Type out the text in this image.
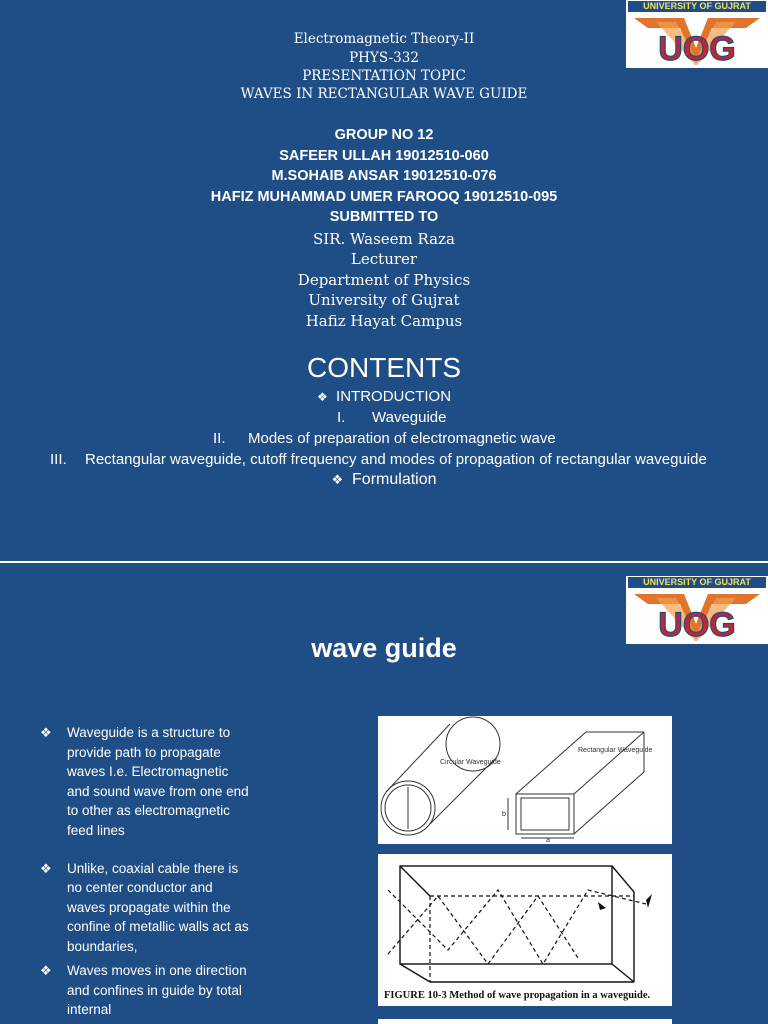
UNIVERSITY OF GUJRAT
UOG
Electromagnetic Theory-II
PHYS-332
PRESENTATION TOPIC
WAVES IN RECTANGULAR WAVE GUIDE
GROUP NO 12
SAFEER ULLAH 19012510-060
M.SOHAIB ANSAR 19012510-076
HAFIZ MUHAMMAD UMER FAROOQ 19012510-095
SUBMITTED TO
SIR. Waseem Raza
Lecturer
Department of Physics
University of Gujrat
Hafiz Hayat Campus
CONTENTS
❖ INTRODUCTION
I. Waveguide
II. Modes of preparation of electromagnetic wave
III. Rectangular waveguide, cutoff frequency and modes of propagation of rectangular waveguide
❖ Formulation
UNIVERSITY OF GUJRAT
UOG
wave guide
❖ Waveguide is a structure to provide path to propagate waves I.e. Electromagnetic and sound wave from one end to other as electromagnetic feed lines
❖ Unlike, coaxial cable there is no center conductor and waves propagate within the confine of metallic walls act as boundaries,
❖ Waves moves in one direction and confines in guide by total internal
Circular Waveguide
Rectangular Waveguide
b
a
FIGURE 10-3 Method of wave propagation in a waveguide.
